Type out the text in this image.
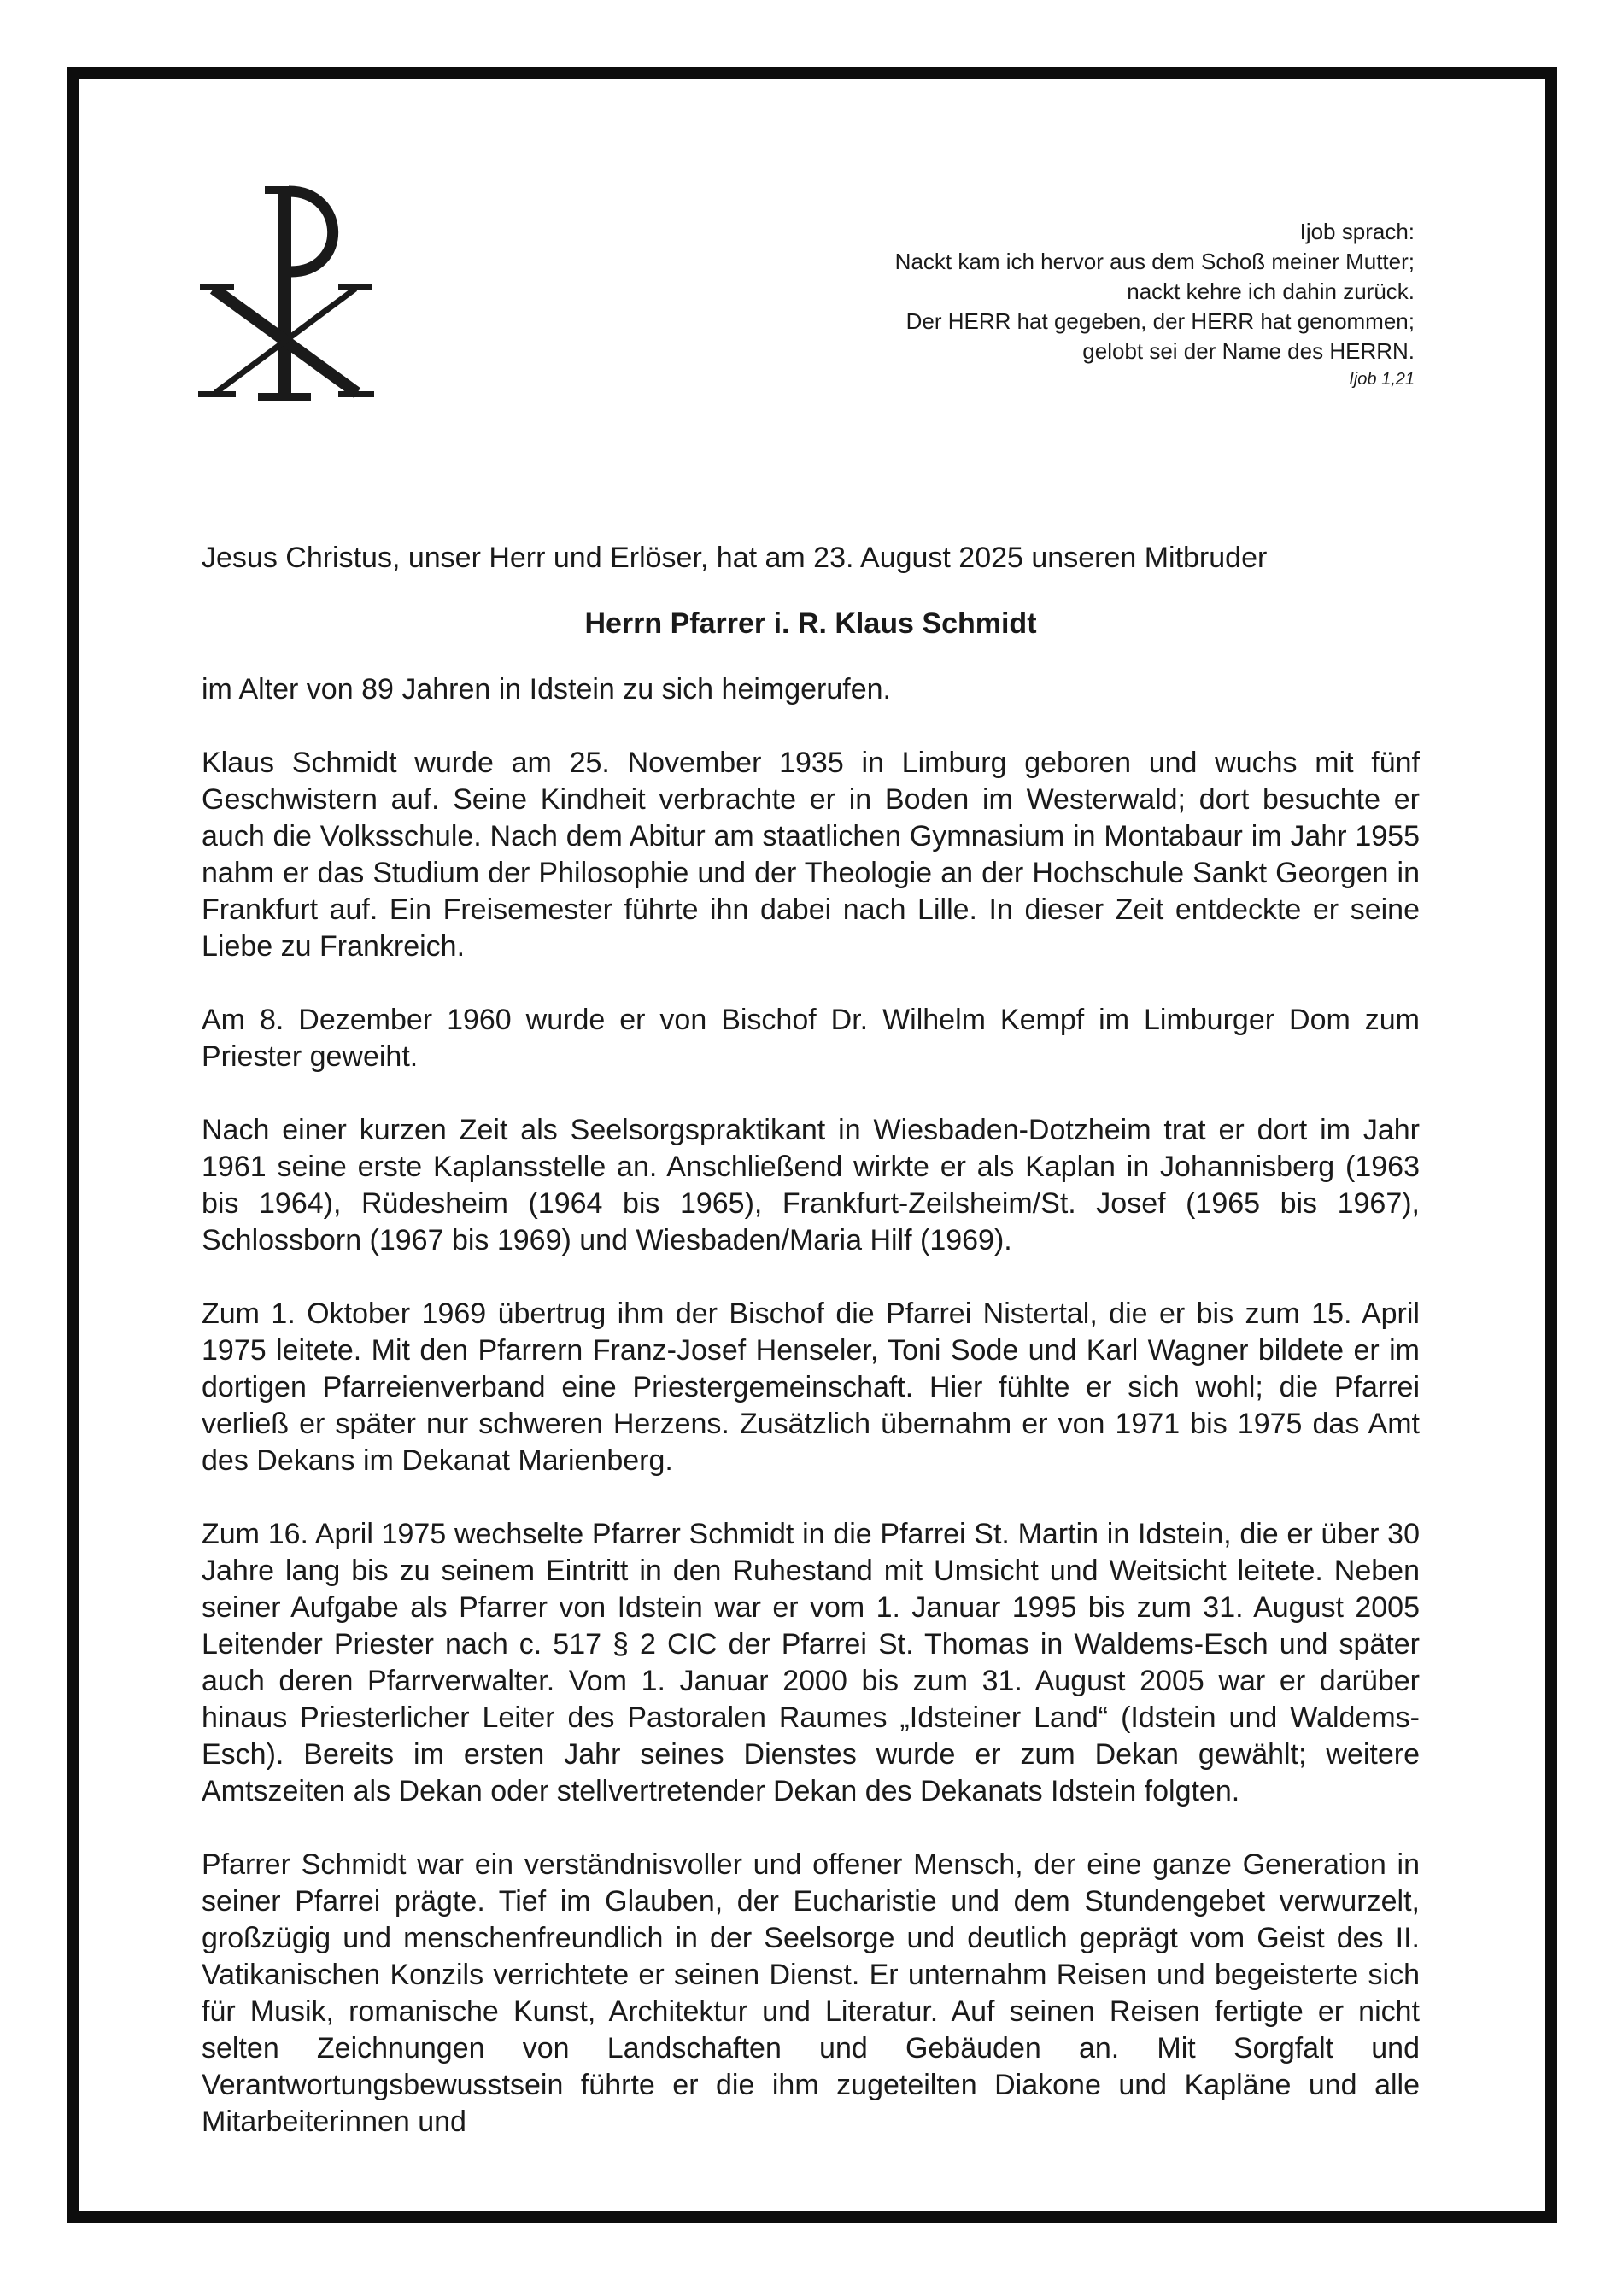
Ijob sprach:
Nackt kam ich hervor aus dem Schoß meiner Mutter;
nackt kehre ich dahin zurück.
Der HERR hat gegeben, der HERR hat genommen;
gelobt sei der Name des HERRN.
Ijob 1,21

Jesus Christus, unser Herr und Erlöser, hat am 23. August 2025 unseren Mitbruder

Herrn Pfarrer i. R. Klaus Schmidt

im Alter von 89 Jahren in Idstein zu sich heimgerufen.

Klaus Schmidt wurde am 25. November 1935 in Limburg geboren und wuchs mit fünf Geschwistern auf. Seine Kindheit verbrachte er in Boden im Westerwald; dort besuchte er auch die Volksschule. Nach dem Abitur am staatlichen Gymnasium in Montabaur im Jahr 1955 nahm er das Studium der Philosophie und der Theologie an der Hochschule Sankt Georgen in Frankfurt auf. Ein Freisemester führte ihn dabei nach Lille. In dieser Zeit entdeckte er seine Liebe zu Frankreich.

Am 8. Dezember 1960 wurde er von Bischof Dr. Wilhelm Kempf im Limburger Dom zum Priester geweiht.

Nach einer kurzen Zeit als Seelsorgspraktikant in Wiesbaden-Dotzheim trat er dort im Jahr 1961 seine erste Kaplansstelle an. Anschließend wirkte er als Kaplan in Johannisberg (1963 bis 1964), Rüdesheim (1964 bis 1965), Frankfurt-Zeilsheim/St. Josef (1965 bis 1967), Schlossborn (1967 bis 1969) und Wiesbaden/Maria Hilf (1969).

Zum 1. Oktober 1969 übertrug ihm der Bischof die Pfarrei Nistertal, die er bis zum 15. April 1975 leitete. Mit den Pfarrern Franz-Josef Henseler, Toni Sode und Karl Wagner bildete er im dortigen Pfarreienverband eine Priestergemeinschaft. Hier fühlte er sich wohl; die Pfarrei verließ er später nur schweren Herzens. Zusätzlich übernahm er von 1971 bis 1975 das Amt des Dekans im Dekanat Marienberg.

Zum 16. April 1975 wechselte Pfarrer Schmidt in die Pfarrei St. Martin in Idstein, die er über 30 Jahre lang bis zu seinem Eintritt in den Ruhestand mit Umsicht und Weitsicht leitete. Neben seiner Aufgabe als Pfarrer von Idstein war er vom 1. Januar 1995 bis zum 31. August 2005 Leitender Priester nach c. 517 § 2 CIC der Pfarrei St. Thomas in Waldems-Esch und später auch deren Pfarrverwalter. Vom 1. Januar 2000 bis zum 31. August 2005 war er darüber hinaus Priesterlicher Leiter des Pastoralen Raumes „Idsteiner Land“ (Idstein und Waldems-Esch). Bereits im ersten Jahr seines Dienstes wurde er zum Dekan gewählt; weitere Amtszeiten als Dekan oder stellvertretender Dekan des Dekanats Idstein folgten.

Pfarrer Schmidt war ein verständnisvoller und offener Mensch, der eine ganze Generation in seiner Pfarrei prägte. Tief im Glauben, der Eucharistie und dem Stundengebet verwurzelt, großzügig und menschenfreundlich in der Seelsorge und deutlich geprägt vom Geist des II. Vatikanischen Konzils verrichtete er seinen Dienst. Er unternahm Reisen und begeisterte sich für Musik, romanische Kunst, Architektur und Literatur. Auf seinen Reisen fertigte er nicht selten Zeichnungen von Landschaften und Gebäuden an. Mit Sorgfalt und Verantwortungsbewusstsein führte er die ihm zugeteilten Diakone und Kapläne und alle Mitarbeiterinnen und
